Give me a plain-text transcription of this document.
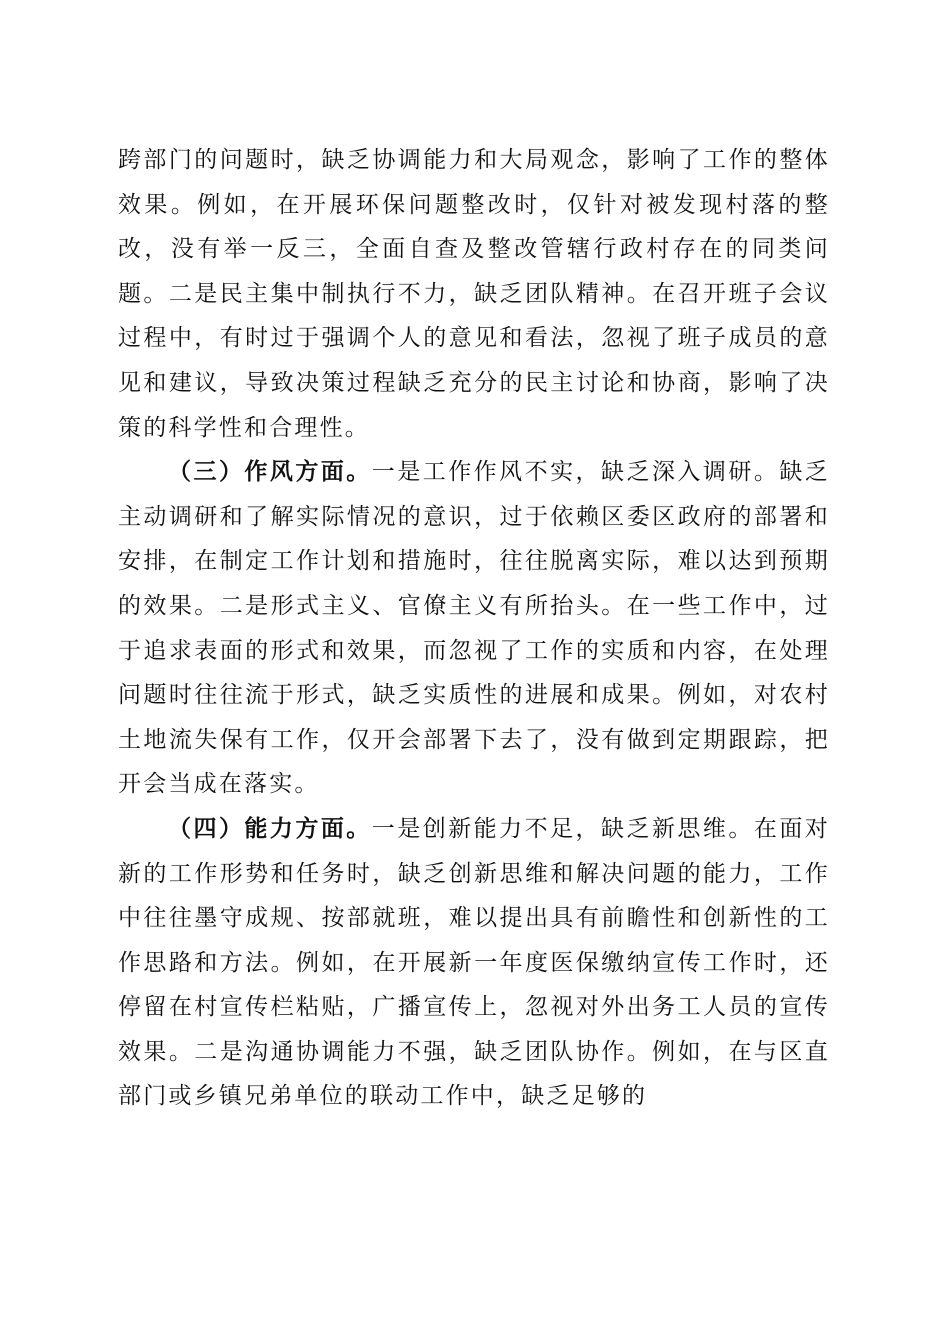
跨部门的问题时，缺乏协调能力和大局观念，影响了工作的整体效果。例如，在开展环保问题整改时，仅针对被发现村落的整改，没有举一反三，全面自查及整改管辖行政村存在的同类问题。二是民主集中制执行不力，缺乏团队精神。在召开班子会议过程中，有时过于强调个人的意见和看法，忽视了班子成员的意见和建议，导致决策过程缺乏充分的民主讨论和协商，影响了决策的科学性和合理性。

（三）作风方面。一是工作作风不实，缺乏深入调研。缺乏主动调研和了解实际情况的意识，过于依赖区委区政府的部署和安排，在制定工作计划和措施时，往往脱离实际，难以达到预期的效果。二是形式主义、官僚主义有所抬头。在一些工作中，过于追求表面的形式和效果，而忽视了工作的实质和内容，在处理问题时往往流于形式，缺乏实质性的进展和成果。例如，对农村土地流失保有工作，仅开会部署下去了，没有做到定期跟踪，把开会当成在落实。

（四）能力方面。一是创新能力不足，缺乏新思维。在面对新的工作形势和任务时，缺乏创新思维和解决问题的能力，工作中往往墨守成规、按部就班，难以提出具有前瞻性和创新性的工作思路和方法。例如，在开展新一年度医保缴纳宣传工作时，还停留在村宣传栏粘贴，广播宣传上，忽视对外出务工人员的宣传效果。二是沟通协调能力不强，缺乏团队协作。例如，在与区直部门或乡镇兄弟单位的联动工作中，缺乏足够的
